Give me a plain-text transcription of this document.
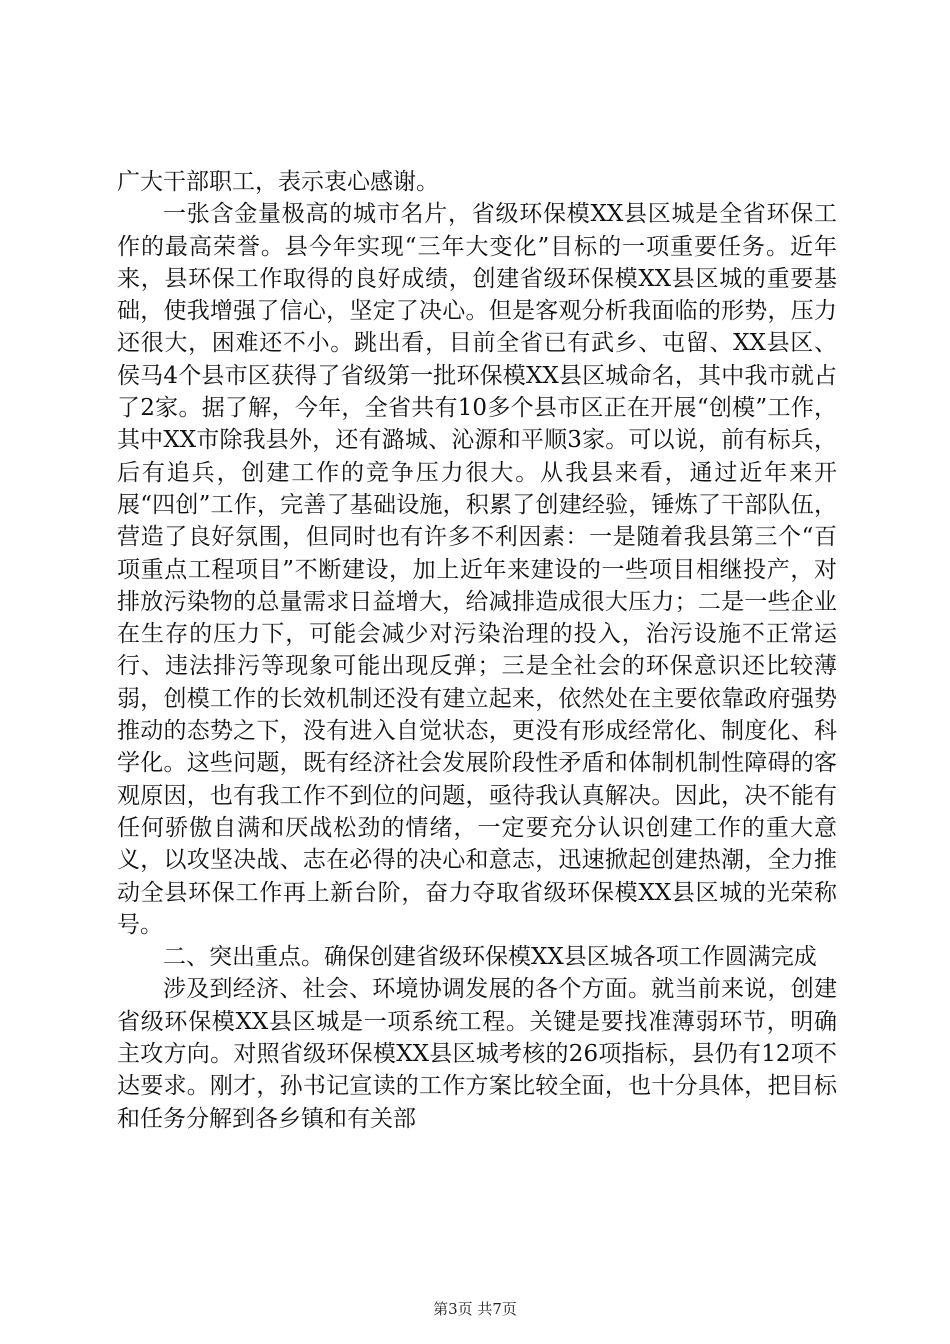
广大干部职工，表示衷心感谢。

一张含金量极高的城市名片，省级环保模XX县区城是全省环保工作的最高荣誉。县今年实现“三年大变化”目标的一项重要任务。近年来，县环保工作取得的良好成绩，创建省级环保模XX县区城的重要基础，使我增强了信心，坚定了决心。但是客观分析我面临的形势，压力还很大，困难还不小。跳出看，目前全省已有武乡、屯留、XX县区、侯马4个县市区获得了省级第一批环保模XX县区城命名，其中我市就占了2家。据了解，今年，全省共有10多个县市区正在开展“创模”工作，其中XX市除我县外，还有潞城、沁源和平顺3家。可以说，前有标兵，后有追兵，创建工作的竞争压力很大。从我县来看，通过近年来开展“四创”工作，完善了基础设施，积累了创建经验，锤炼了干部队伍，营造了良好氛围，但同时也有许多不利因素：一是随着我县第三个“百项重点工程项目”不断建设，加上近年来建设的一些项目相继投产，对排放污染物的总量需求日益增大，给减排造成很大压力；二是一些企业在生存的压力下，可能会减少对污染治理的投入，治污设施不正常运行、违法排污等现象可能出现反弹；三是全社会的环保意识还比较薄弱，创模工作的长效机制还没有建立起来，依然处在主要依靠政府强势推动的态势之下，没有进入自觉状态，更没有形成经常化、制度化、科学化。这些问题，既有经济社会发展阶段性矛盾和体制机制性障碍的客观原因，也有我工作不到位的问题，亟待我认真解决。因此，决不能有任何骄傲自满和厌战松劲的情绪，一定要充分认识创建工作的重大意义，以攻坚决战、志在必得的决心和意志，迅速掀起创建热潮，全力推动全县环保工作再上新台阶，奋力夺取省级环保模XX县区城的光荣称号。

二、突出重点。确保创建省级环保模XX县区城各项工作圆满完成

涉及到经济、社会、环境协调发展的各个方面。就当前来说，创建省级环保模XX县区城是一项系统工程。关键是要找准薄弱环节，明确主攻方向。对照省级环保模XX县区城考核的26项指标，县仍有12项不达要求。刚才，孙书记宣读的工作方案比较全面，也十分具体，把目标和任务分解到各乡镇和有关部

第3页 共7页
